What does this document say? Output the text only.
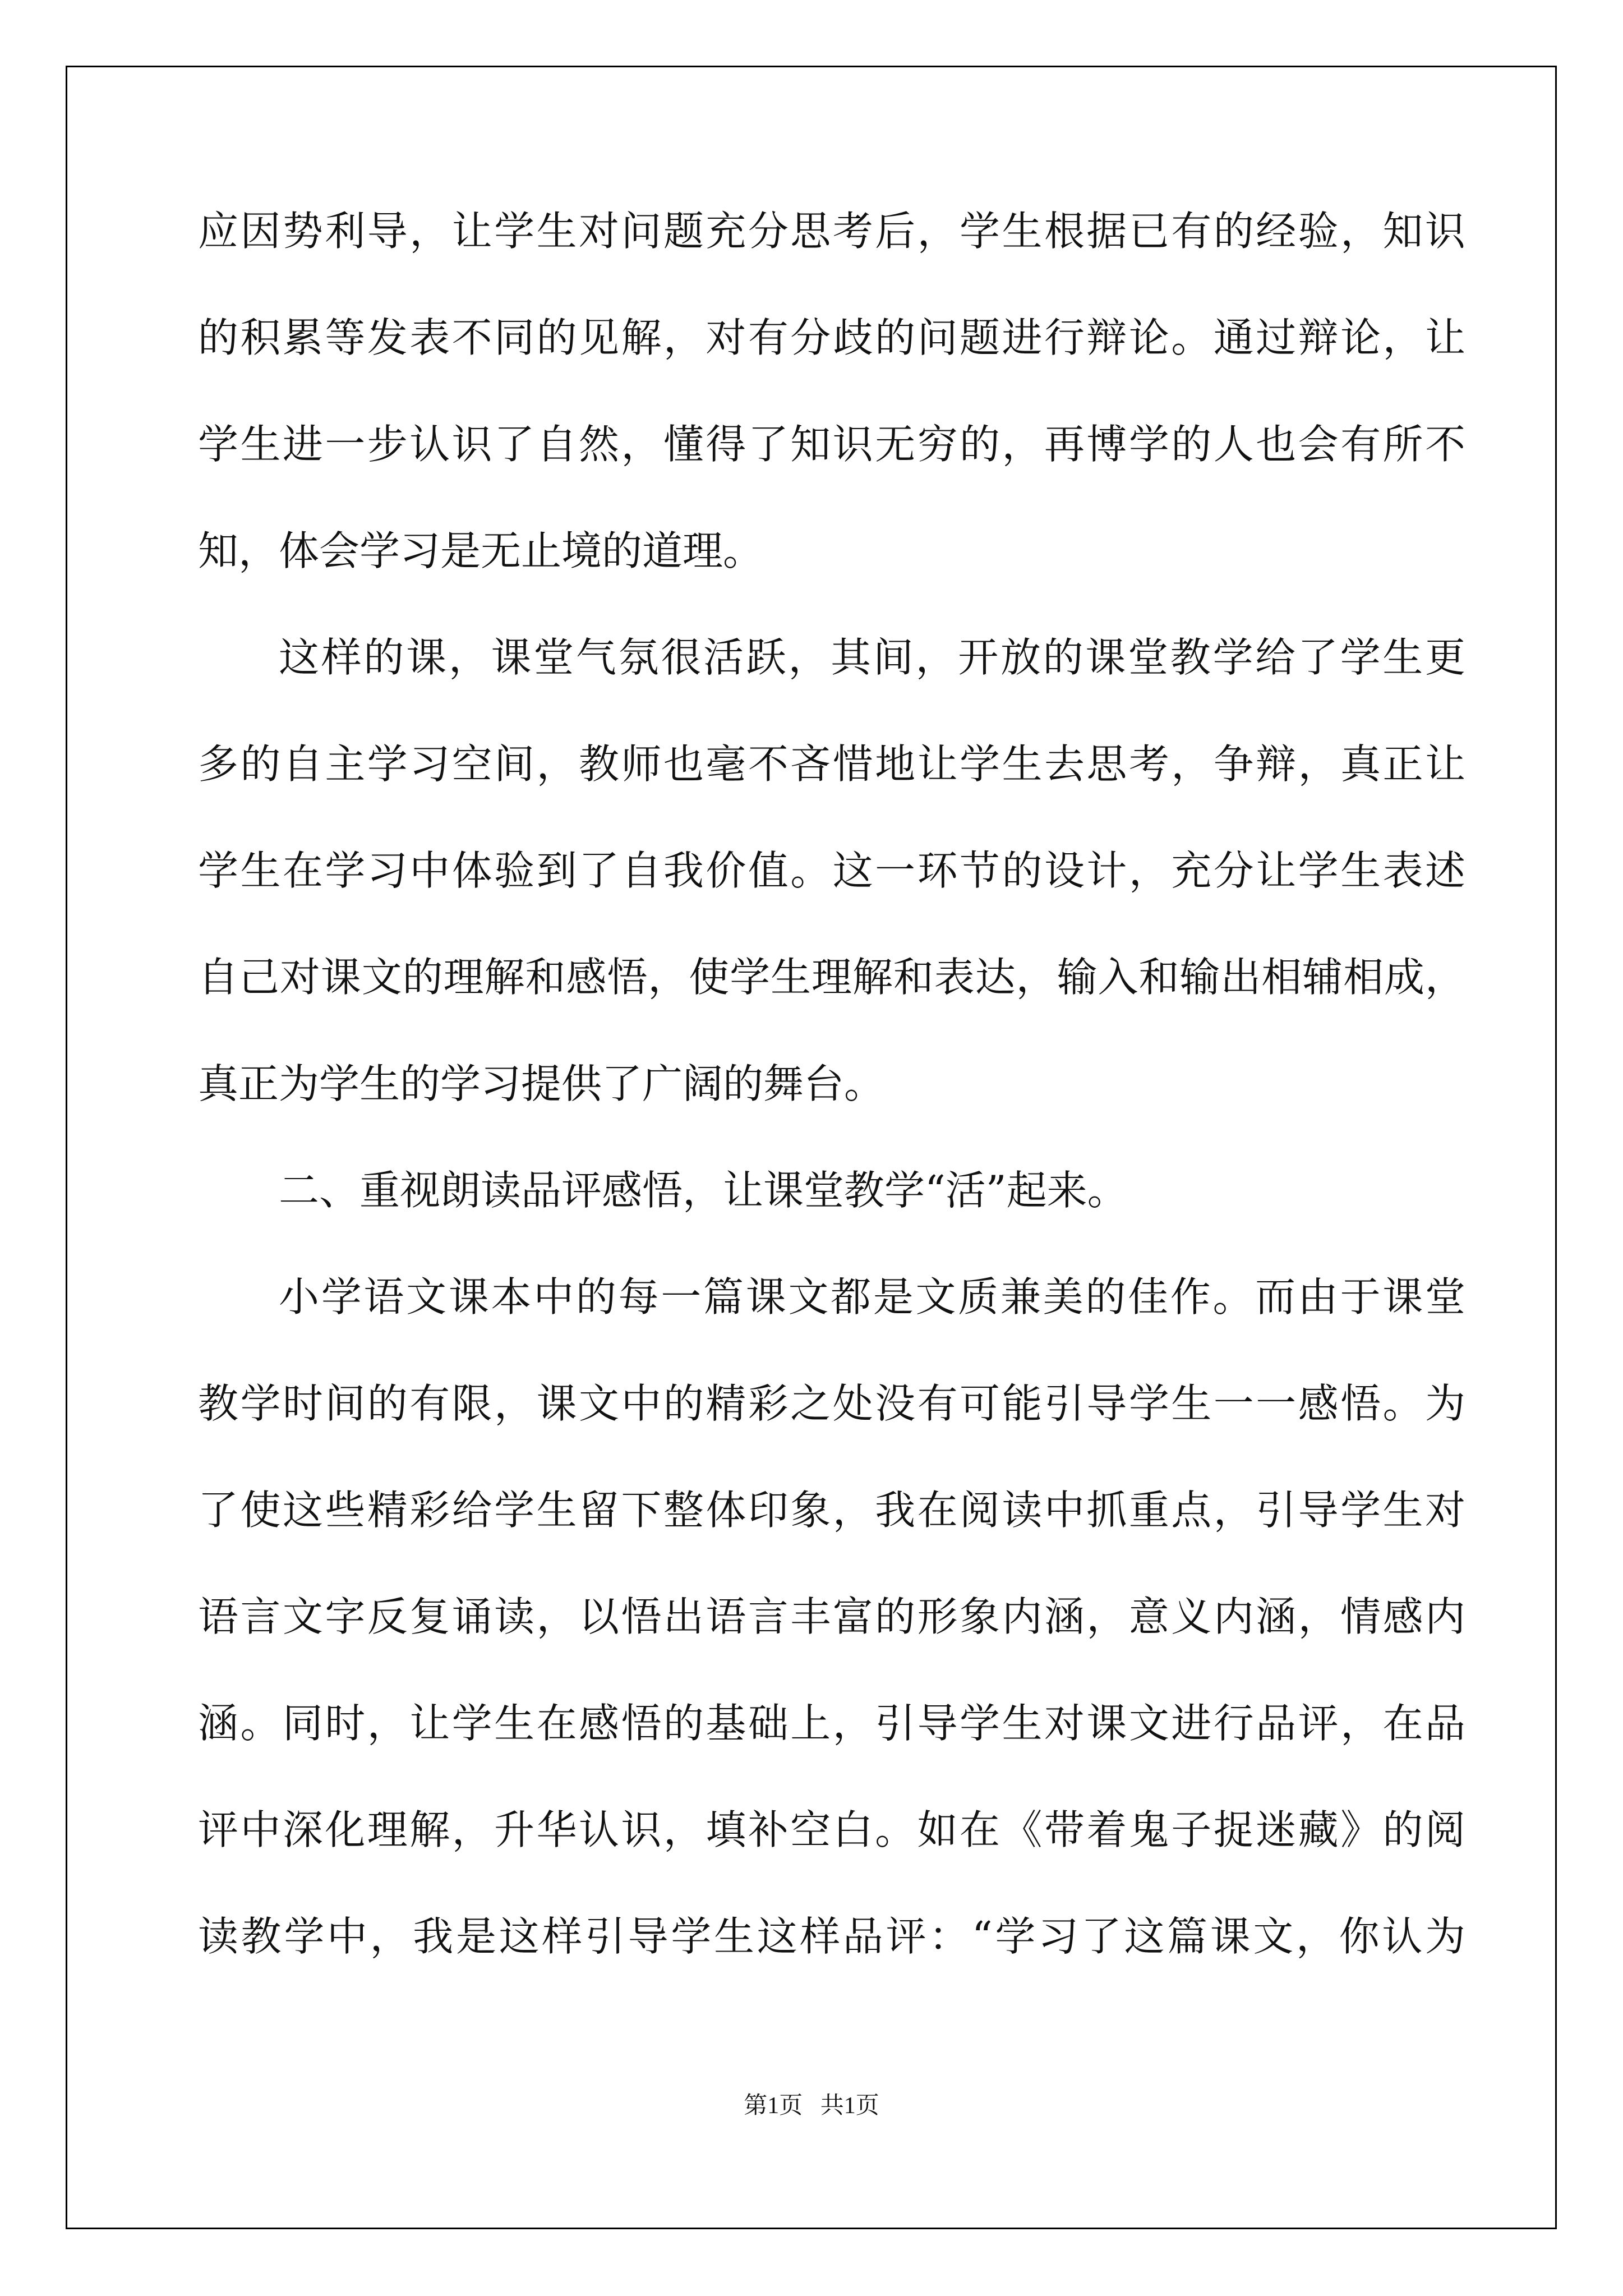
应因势利导，让学生对问题充分思考后，学生根据已有的经验，知识
的积累等发表不同的见解，对有分歧的问题进行辩论。通过辩论，让
学生进一步认识了自然，懂得了知识无穷的，再博学的人也会有所不
知，体会学习是无止境的道理。
这样的课，课堂气氛很活跃，其间，开放的课堂教学给了学生更
多的自主学习空间，教师也毫不吝惜地让学生去思考，争辩，真正让
学生在学习中体验到了自我价值。这一环节的设计，充分让学生表述
自己对课文的理解和感悟，使学生理解和表达，输入和输出相辅相成，
真正为学生的学习提供了广阔的舞台。
二、重视朗读品评感悟，让课堂教学“活”起来。
小学语文课本中的每一篇课文都是文质兼美的佳作。而由于课堂
教学时间的有限，课文中的精彩之处没有可能引导学生一一感悟。为
了使这些精彩给学生留下整体印象，我在阅读中抓重点，引导学生对
语言文字反复诵读，以悟出语言丰富的形象内涵，意义内涵，情感内
涵。同时，让学生在感悟的基础上，引导学生对课文进行品评，在品
评中深化理解，升华认识，填补空白。如在《带着鬼子捉迷藏》的阅
读教学中，我是这样引导学生这样品评：“学习了这篇课文，你认为
第1页   共1页
